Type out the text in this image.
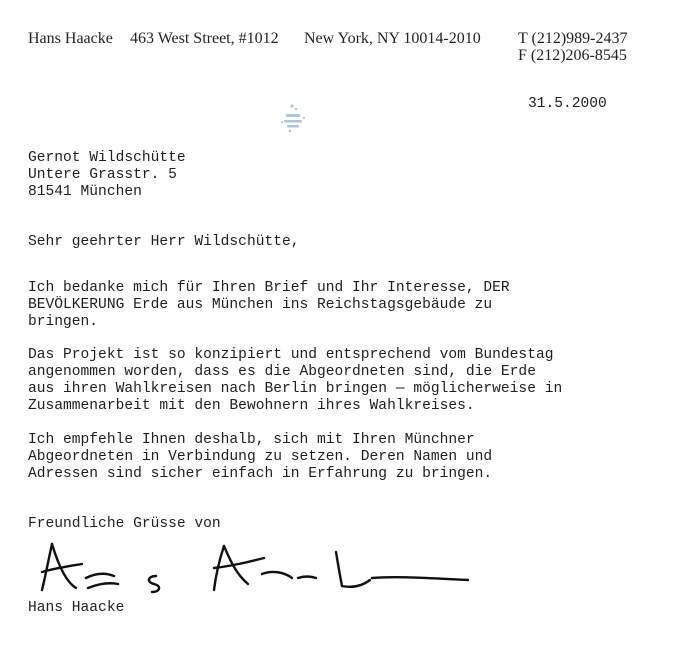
Hans Haacke 463 West Street, #1012 New York, NY 10014-2010 T (212)989-2437
F (212)206-8545
31.5.2000
Gernot Wildschütte
Untere Grasstr. 5
81541 München
Sehr geehrter Herr Wildschütte,
Ich bedanke mich für Ihren Brief und Ihr Interesse, DER
BEVÖLKERUNG Erde aus München ins Reichstagsgebäude zu
bringen.
Das Projekt ist so konzipiert und entsprechend vom Bundestag
angenommen worden, dass es die Abgeordneten sind, die Erde
aus ihren Wahlkreisen nach Berlin bringen — möglicherweise in
Zusammenarbeit mit den Bewohnern ihres Wahlkreises.
Ich empfehle Ihnen deshalb, sich mit Ihren Münchner
Abgeordneten in Verbindung zu setzen. Deren Namen und
Adressen sind sicher einfach in Erfahrung zu bringen.
Freundliche Grüsse von
Hans Haacke
